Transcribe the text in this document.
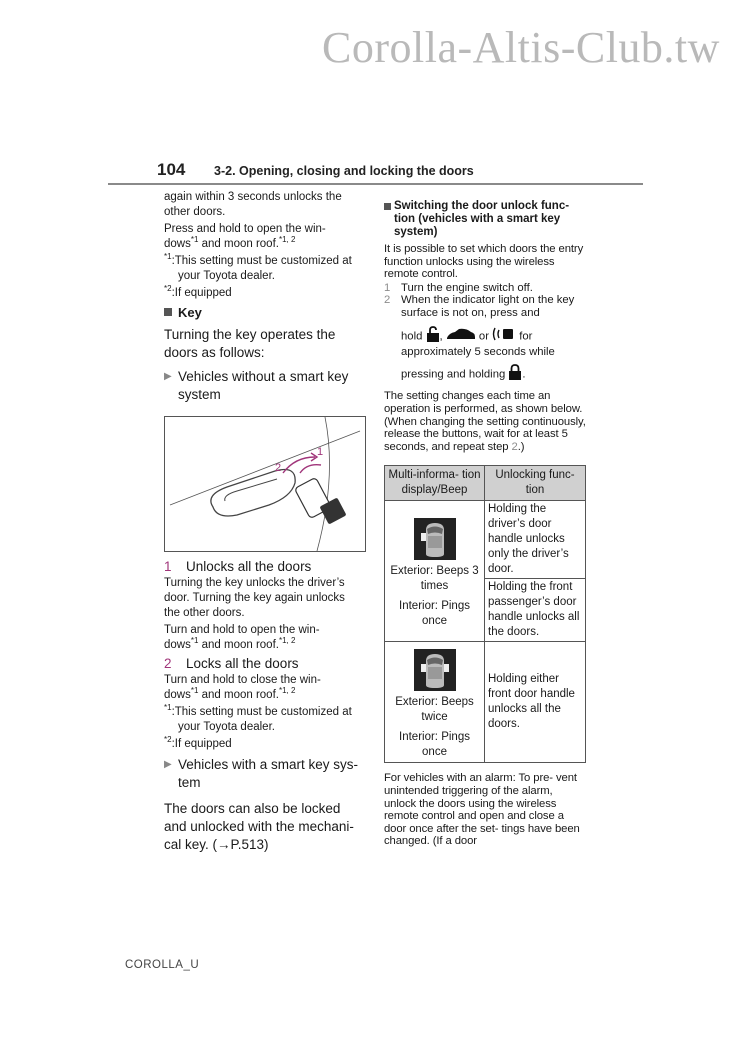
Corolla-Altis-Club.tw
104 3-2. Opening, closing and locking the doors

again within 3 seconds unlocks the other doors.

Press and hold to open the win-
dows$^{*1}$ and moon roof.$^{*1, 2}$

$^{*1}$:This setting must be customized at your Toyota dealer.

$^{*2}$:If equipped

Key

Turning the key operates the doors as follows:

▶ Vehicles without a smart key system
2
1
1	Unlocks all the doors

Turning the key unlocks the driver’s door. Turning the key again unlocks the other doors.

Turn and hold to open the win-
dows$^{*1}$ and moon roof.$^{*1, 2}$

2	Locks all the doors

Turn and hold to close the win-
dows$^{*1}$ and moon roof.$^{*1, 2}$

$^{*1}$:This setting must be customized at your Toyota dealer.

$^{*2}$:If equipped

▶ Vehicles with a smart key sys- tem

The doors can also be locked and unlocked with the mechani- cal key. (→P.513)

Switching the door unlock func- tion (vehicles with a smart key system)

It is possible to set which doors the entry function unlocks using the wireless remote control.

1 Turn the engine switch off.
2 When the indicator light on the key surface is not on, press and
hold ,	or	for
approximately 5 seconds while
pressing and holding .

The setting changes each time an operation is performed, as shown below. (When changing the setting continuously, release the buttons, wait for at least 5 seconds, and repeat step 2.)

Multi-informa- tion display/Beep	Unlocking func- tion

Exterior: Beeps 3 times
Interior: Pings once	Holding the driver’s door handle unlocks only the driver’s door.
	Holding the front passenger’s door handle unlocks all the doors.

Exterior: Beeps twice
Interior: Pings once	Holding either front door handle unlocks all the doors.

For vehicles with an alarm: To pre- vent unintended triggering of the alarm, unlock the doors using the wireless remote control and open and close a door once after the set- tings have been changed. (If a door

COROLLA_U
